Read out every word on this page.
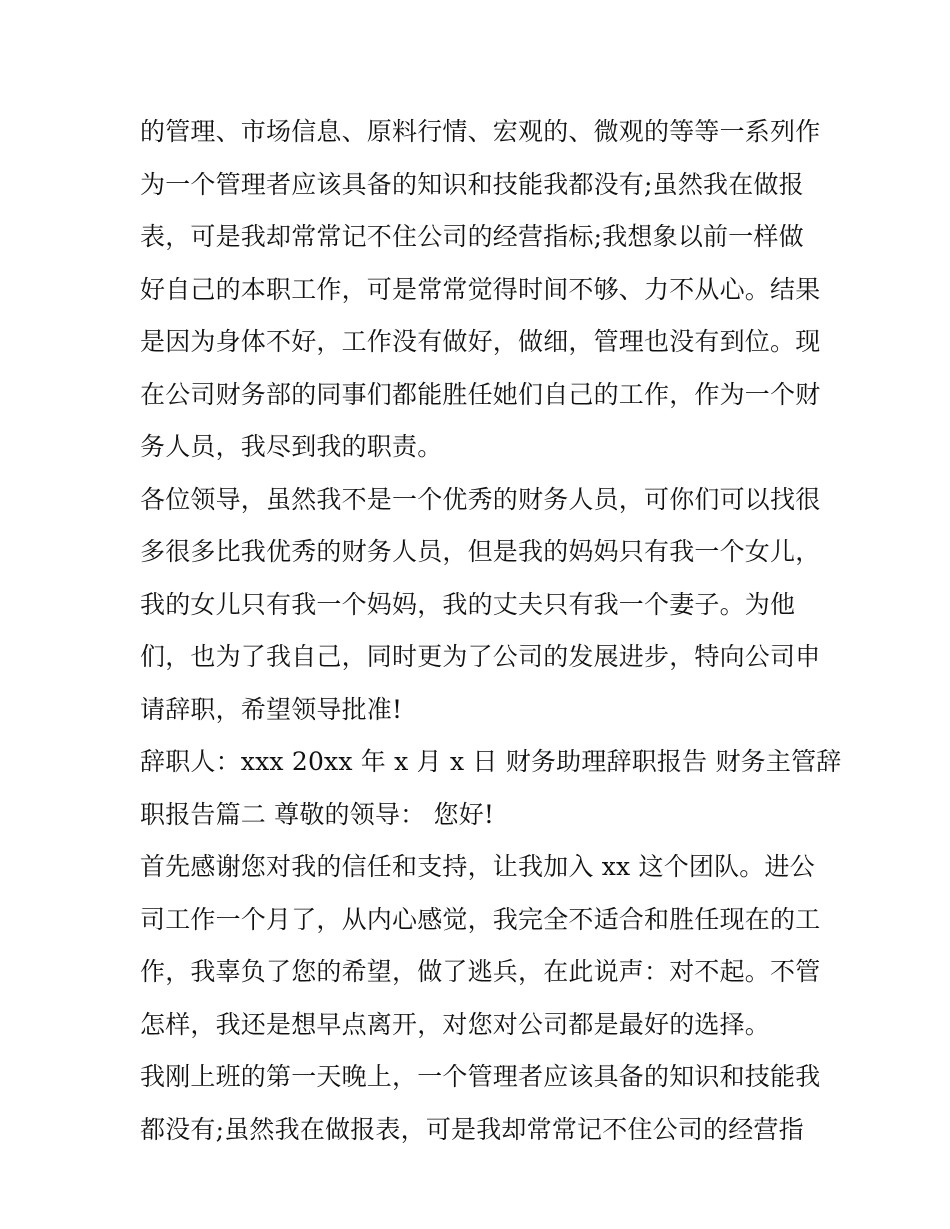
的管理、市场信息、原料行情、宏观的、微观的等等一系列作
为一个管理者应该具备的知识和技能我都没有;虽然我在做报
表，可是我却常常记不住公司的经营指标;我想象以前一样做
好自己的本职工作，可是常常觉得时间不够、力不从心。结果
是因为身体不好，工作没有做好，做细，管理也没有到位。现
在公司财务部的同事们都能胜任她们自己的工作，作为一个财
务人员，我尽到我的职责。
各位领导，虽然我不是一个优秀的财务人员，可你们可以找很
多很多比我优秀的财务人员，但是我的妈妈只有我一个女儿，
我的女儿只有我一个妈妈，我的丈夫只有我一个妻子。为他
们，也为了我自己，同时更为了公司的发展进步，特向公司申
请辞职，希望领导批准!
辞职人：xxx 20xx 年 x 月 x 日 财务助理辞职报告 财务主管辞
职报告篇二 尊敬的领导： 您好!
首先感谢您对我的信任和支持，让我加入 xx 这个团队。进公
司工作一个月了，从内心感觉，我完全不适合和胜任现在的工
作，我辜负了您的希望，做了逃兵，在此说声：对不起。不管
怎样，我还是想早点离开，对您对公司都是最好的选择。
我刚上班的第一天晚上，一个管理者应该具备的知识和技能我
都没有;虽然我在做报表，可是我却常常记不住公司的经营指
